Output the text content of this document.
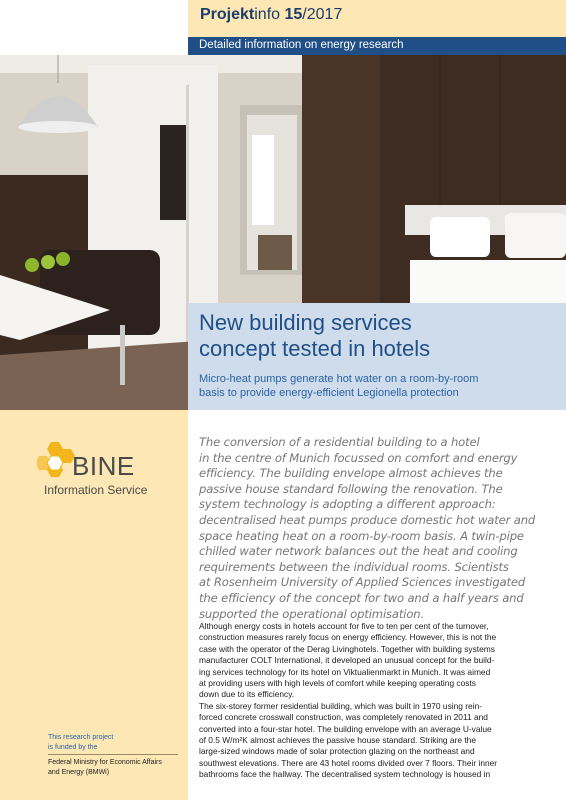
Projektinfo 15/2017
Detailed information on energy research
New building services
concept tested in hotels
Micro-heat pumps generate hot water on a room-by-room
basis to provide energy-efficient Legionella protection
BINE
Information Service
This research project
is funded by the
Federal Ministry for Economic Affairs
and Energy (BMWi)
The conversion of a residential building to a hotel
in the centre of Munich focussed on comfort and energy
efficiency. The building envelope almost achieves the
passive house standard following the renovation. The
system technology is adopting a different approach:
decentralised heat pumps produce domestic hot water and
space heating heat on a room-by-room basis. A twin-pipe
chilled water network balances out the heat and cooling
requirements between the individual rooms. Scientists
at Rosenheim University of Applied Sciences investigated
the efficiency of the concept for two and a half years and
supported the operational optimisation.
Although energy costs in hotels account for five to ten per cent of the turnover,
construction measures rarely focus on energy efficiency. However, this is not the
case with the operator of the Derag Livinghotels. Together with building systems
manufacturer COLT International, it developed an unusual concept for the build-
ing services technology for its hotel on Viktualienmarkt in Munich. It was aimed
at providing users with high levels of comfort while keeping operating costs
down due to its efficiency.
The six-storey former residential building, which was built in 1970 using rein-
forced concrete crosswall construction, was completely renovated in 2011 and
converted into a four-star hotel. The building envelope with an average U-value
of 0.5 W/m²K almost achieves the passive house standard. Striking are the
large-sized windows made of solar protection glazing on the northeast and
southwest elevations. There are 43 hotel rooms divided over 7 floors. Their inner
bathrooms face the hallway. The decentralised system technology is housed in
